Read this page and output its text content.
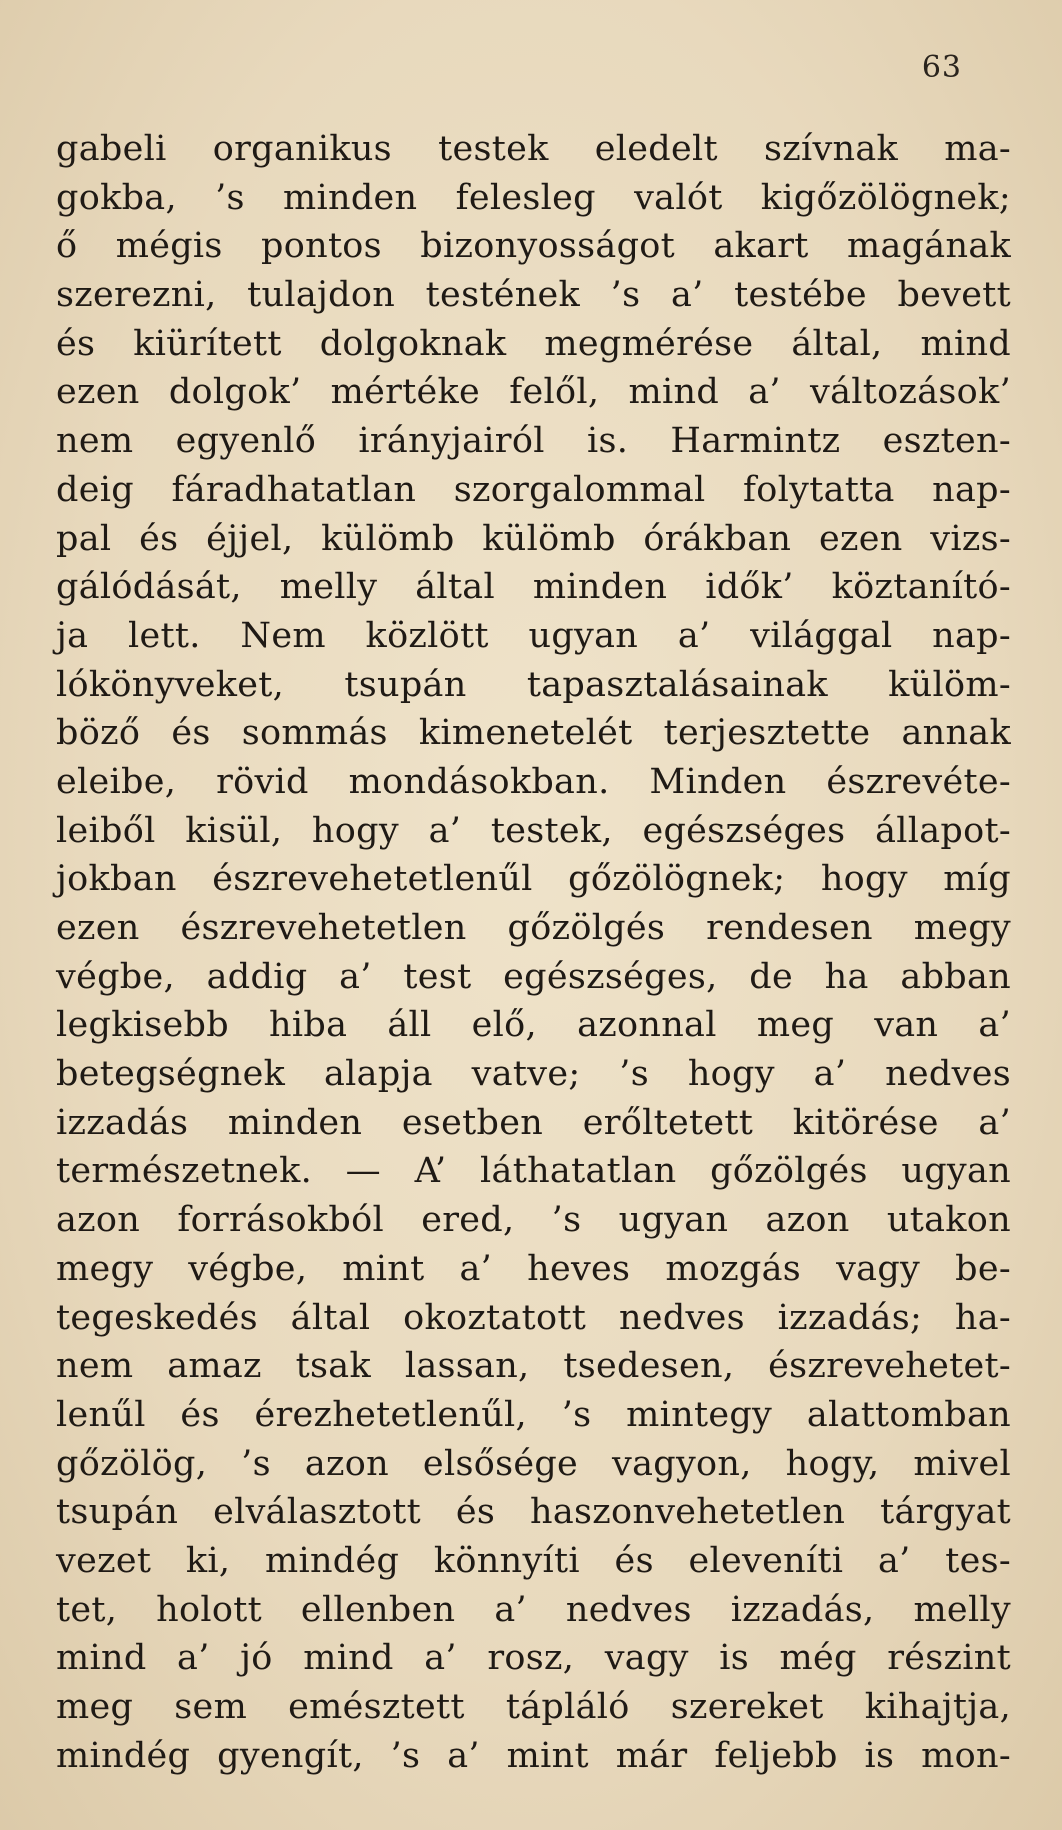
63
gabeli organikus testek eledelt szívnak ma-
gokba, ’s minden felesleg valót kigőzölögnek;
ő mégis pontos bizonyosságot akart magának
szerezni, tulajdon testének ’s a’ testébe bevett
és kiürített dolgoknak megmérése által, mind
ezen dolgok’ mértéke felől, mind a’ változások’
nem egyenlő irányjairól is. Harmintz eszten-
deig fáradhatatlan szorgalommal folytatta nap-
pal és éjjel, külömb külömb órákban ezen vizs-
gálódását, melly által minden idők’ köztanító-
ja lett. Nem közlött ugyan a’ világgal nap-
lókönyveket, tsupán tapasztalásainak külöm-
böző és sommás kimenetelét terjesztette annak
eleibe, rövid mondásokban. Minden észrevéte-
leiből kisül, hogy a’ testek, egészséges állapot-
jokban észrevehetetlenűl gőzölögnek; hogy míg
ezen észrevehetetlen gőzölgés rendesen megy
végbe, addig a’ test egészséges, de ha abban
legkisebb hiba áll elő, azonnal meg van a’
betegségnek alapja vatve; ’s hogy a’ nedves
izzadás minden esetben erőltetett kitörése a’
természetnek. — A’ láthatatlan gőzölgés ugyan
azon forrásokból ered, ’s ugyan azon utakon
megy végbe, mint a’ heves mozgás vagy be-
tegeskedés által okoztatott nedves izzadás; ha-
nem amaz tsak lassan, tsedesen, észrevehetet-
lenűl és érezhetetlenűl, ’s mintegy alattomban
gőzölög, ’s azon elsősége vagyon, hogy, mivel
tsupán elválasztott és haszonvehetetlen tárgyat
vezet ki, mindég könnyíti és eleveníti a’ tes-
tet, holott ellenben a’ nedves izzadás, melly
mind a’ jó mind a’ rosz, vagy is még részint
meg sem emésztett tápláló szereket kihajtja,
mindég gyengít, ’s a’ mint már feljebb is mon-
